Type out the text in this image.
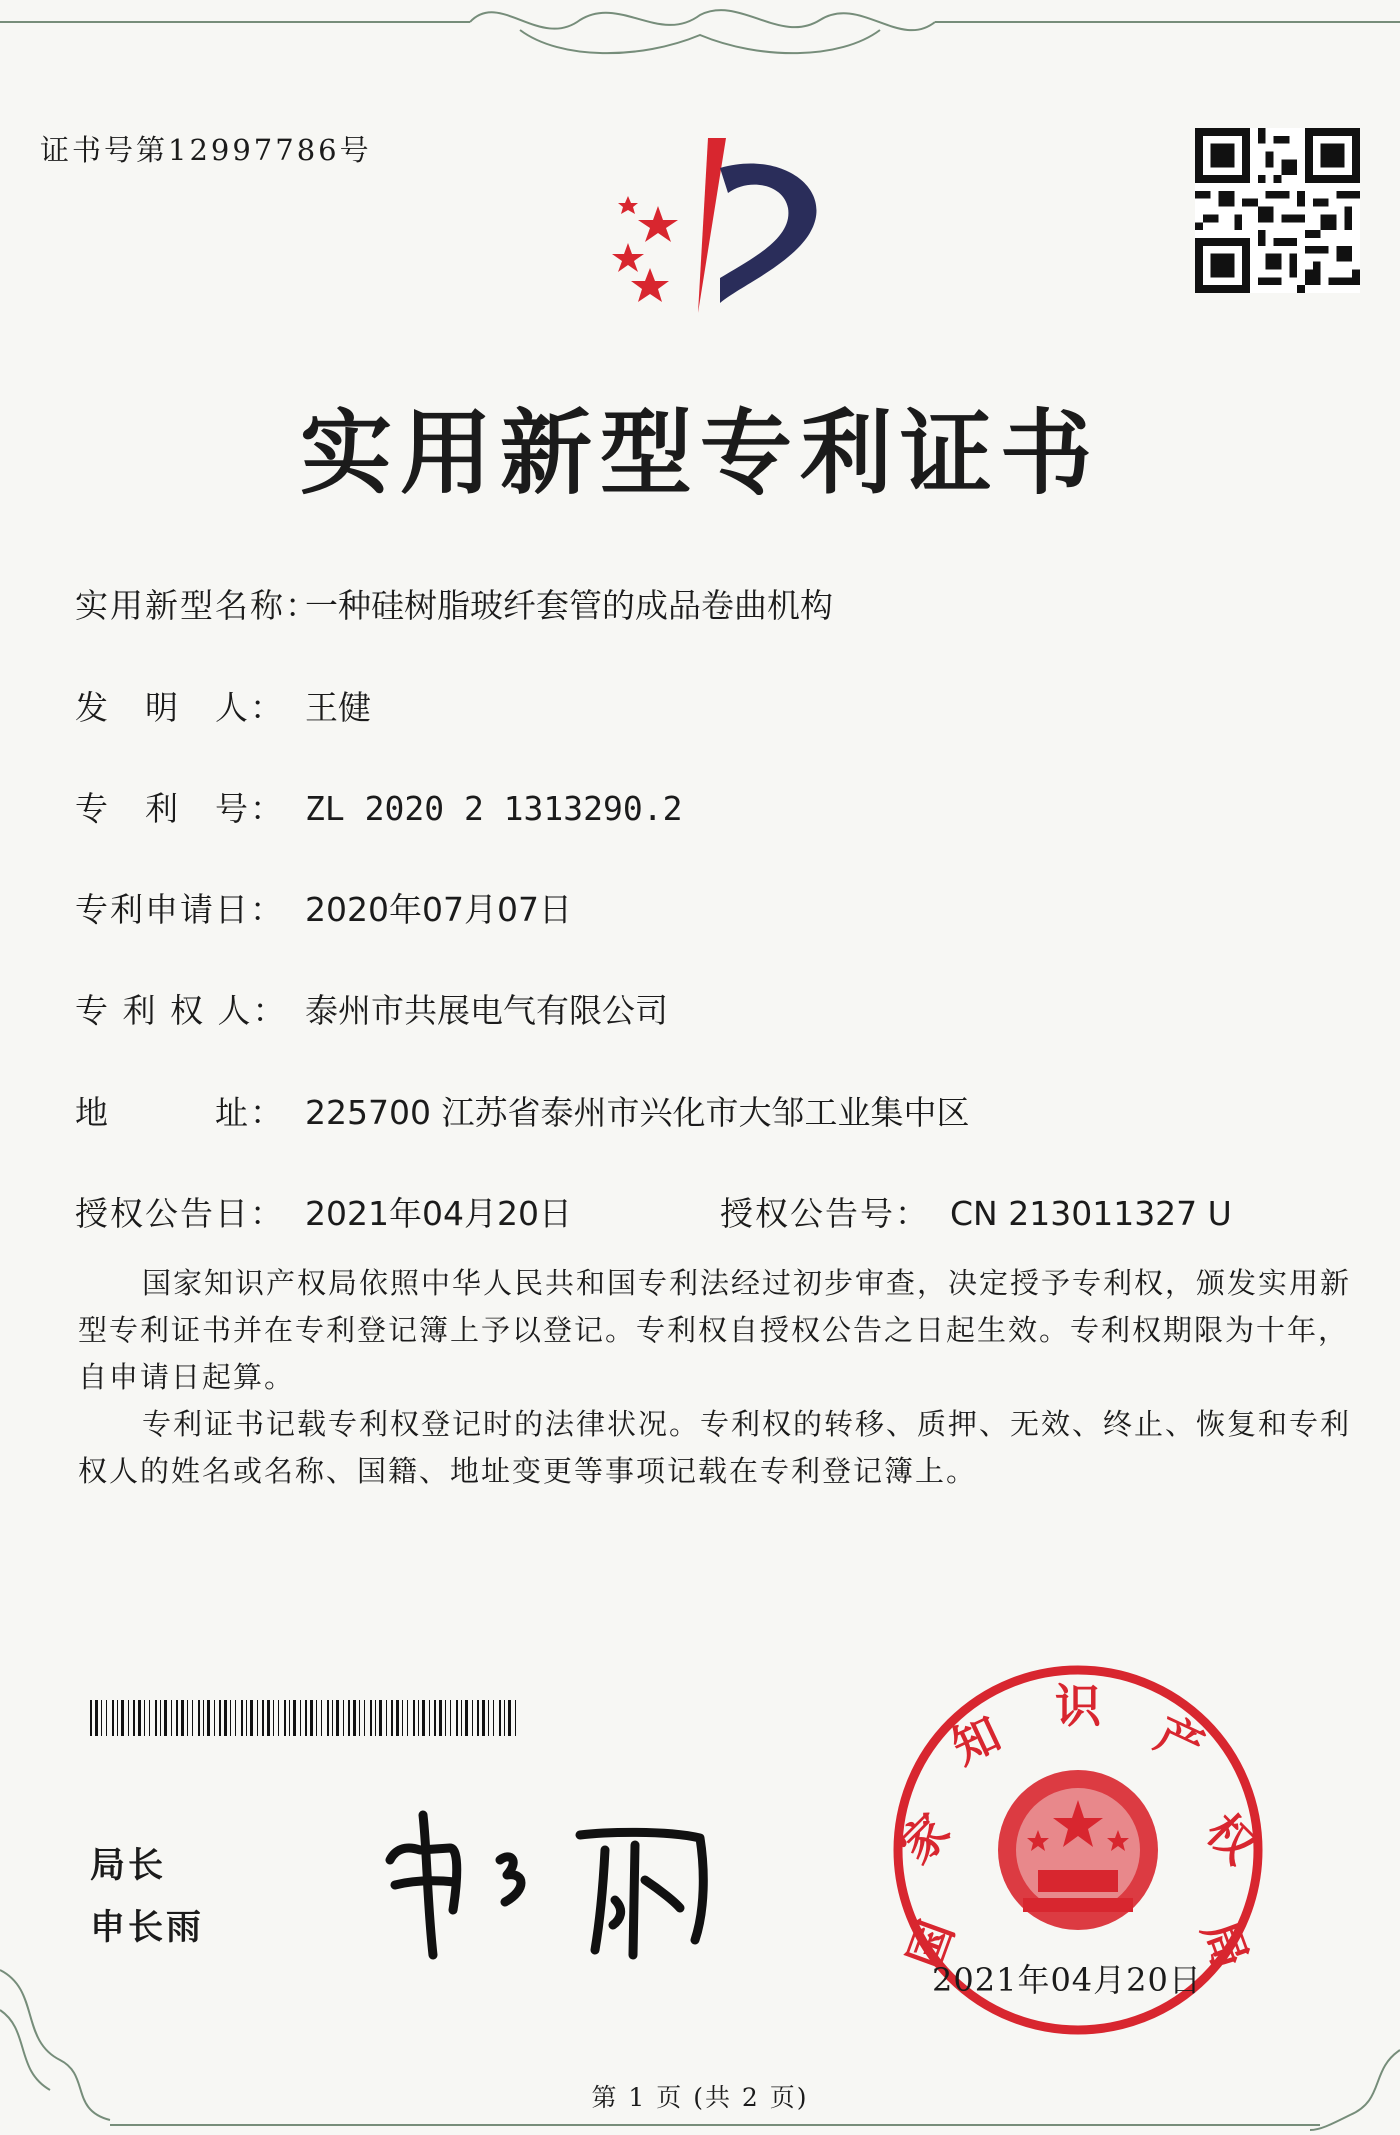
证书号第12997786号
实用新型专利证书
实用新型名称：一种硅树脂玻纤套管的成品卷曲机构
发　明　人： 王健
专　利　号： ZL 2020 2 1313290.2
专利申请日： 2020年07月07日
专 利 权 人： 泰州市共展电气有限公司
地　　　址： 225700 江苏省泰州市兴化市大邹工业集中区
授权公告日： 2021年04月20日	授权公告号： CN 213011327 U

国家知识产权局依照中华人民共和国专利法经过初步审查，决定授予专利权，颁发实用新型专利证书并在专利登记簿上予以登记。专利权自授权公告之日起生效。专利权期限为十年，自申请日起算。

专利证书记载专利权登记时的法律状况。专利权的转移、质押、无效、终止、恢复和专利权人的姓名或名称、国籍、地址变更等事项记载在专利登记簿上。

局长
申长雨	国
家
知
识
产
权
局
2021年04月20日
第 1 页 (共 2 页)
